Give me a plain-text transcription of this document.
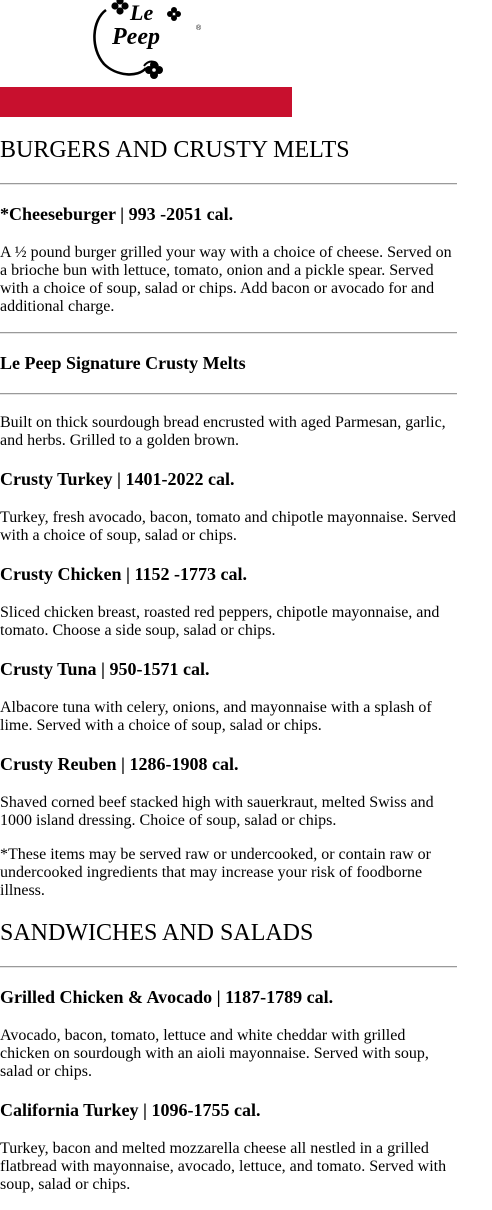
Le
Peep	®
BURGERS AND CRUSTY MELTS
*Cheeseburger | 993 -2051 cal.

A ½ pound burger grilled your way with a choice of cheese. Served on a brioche bun with lettuce, tomato, onion and a pickle spear. Served with a choice of soup, salad or chips. Add bacon or avocado for and additional charge.

Le Peep Signature Crusty Melts

Built on thick sourdough bread encrusted with aged Parmesan, garlic, and herbs. Grilled to a golden brown.

Crusty Turkey | 1401-2022 cal.

Turkey, fresh avocado, bacon, tomato and chipotle mayonnaise. Served with a choice of soup, salad or chips.

Crusty Chicken | 1152 -1773 cal.

Sliced chicken breast, roasted red peppers, chipotle mayonnaise, and tomato. Choose a side soup, salad or chips.

Crusty Tuna | 950-1571 cal.

Albacore tuna with celery, onions, and mayonnaise with a splash of lime. Served with a choice of soup, salad or chips.

Crusty Reuben | 1286-1908 cal.

Shaved corned beef stacked high with sauerkraut, melted Swiss and 1000 island dressing. Choice of soup, salad or chips.

*These items may be served raw or undercooked, or contain raw or undercooked ingredients that may increase your risk of foodborne illness.

SANDWICHES AND SALADS
Grilled Chicken & Avocado | 1187-1789 cal.

Avocado, bacon, tomato, lettuce and white cheddar with grilled chicken on sourdough with an aioli mayonnaise. Served with soup, salad or chips.

California Turkey | 1096-1755 cal.

Turkey, bacon and melted mozzarella cheese all nestled in a grilled flatbread with mayonnaise, avocado, lettuce, and tomato. Served with soup, salad or chips.
